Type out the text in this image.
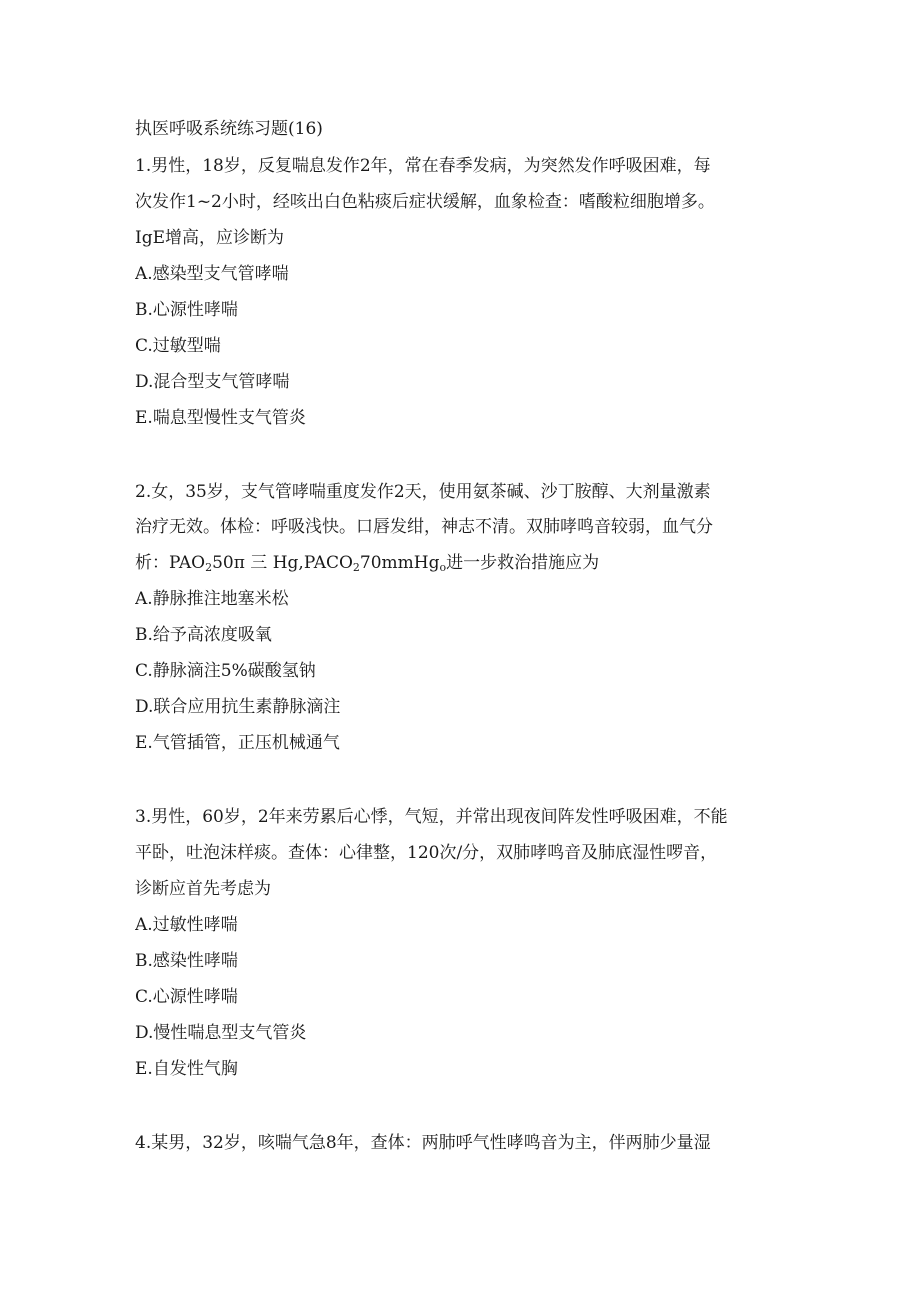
执医呼吸系统练习题(16)
1.男性，18岁，反复喘息发作2年，常在春季发病，为突然发作呼吸困难，每
次发作1~2小时，经咳出白色粘痰后症状缓解，血象检查：嗜酸粒细胞增多。
IgE增高，应诊断为
A.感染型支气管哮喘
B.心源性哮喘
C.过敏型喘
D.混合型支气管哮喘
E.喘息型慢性支气管炎
2.女，35岁，支气管哮喘重度发作2天，使用氨茶碱、沙丁胺醇、大剂量激素
治疗无效。体检：呼吸浅快。口唇发绀，神志不清。双肺哮鸣音较弱，血气分
析：$PAO_250\pi$ 三 $Hg,PACO_270mmHg_o$进一步救治措施应为
A.静脉推注地塞米松
B.给予高浓度吸氧
C.静脉滴注5%碳酸氢钠
D.联合应用抗生素静脉滴注
E.气管插管，正压机械通气
3.男性，60岁，2年来劳累后心悸，气短，并常出现夜间阵发性呼吸困难，不能
平卧，吐泡沫样痰。查体：心律整，120次/分，双肺哮鸣音及肺底湿性啰音，
诊断应首先考虑为
A.过敏性哮喘
B.感染性哮喘
C.心源性哮喘
D.慢性喘息型支气管炎
E.自发性气胸
4.某男，32岁，咳喘气急8年，查体：两肺呼气性哮鸣音为主，伴两肺少量湿
